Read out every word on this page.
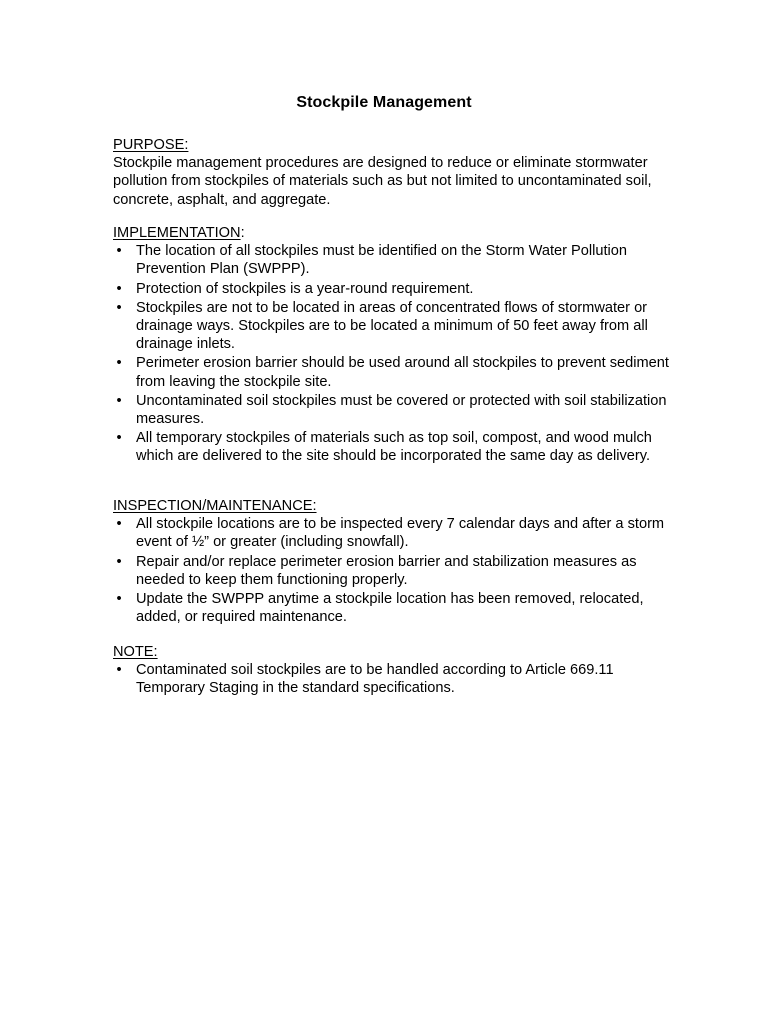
Stockpile Management

PURPOSE:

Stockpile management procedures are designed to reduce or eliminate stormwater pollution from stockpiles of materials such as but not limited to uncontaminated soil, concrete, asphalt, and aggregate.

IMPLEMENTATION:

• The location of all stockpiles must be identified on the Storm Water Pollution Prevention Plan (SWPPP).
• Protection of stockpiles is a year-round requirement.
• Stockpiles are not to be located in areas of concentrated flows of stormwater or drainage ways. Stockpiles are to be located a minimum of 50 feet away from all drainage inlets.
• Perimeter erosion barrier should be used around all stockpiles to prevent sediment from leaving the stockpile site.
• Uncontaminated soil stockpiles must be covered or protected with soil stabilization measures.
• All temporary stockpiles of materials such as top soil, compost, and wood mulch which are delivered to the site should be incorporated the same day as delivery.

INSPECTION/MAINTENANCE:

• All stockpile locations are to be inspected every 7 calendar days and after a storm event of ½” or greater (including snowfall).
• Repair and/or replace perimeter erosion barrier and stabilization measures as needed to keep them functioning properly.
• Update the SWPPP anytime a stockpile location has been removed, relocated, added, or required maintenance.

NOTE:

• Contaminated soil stockpiles are to be handled according to Article 669.11 Temporary Staging in the standard specifications.
